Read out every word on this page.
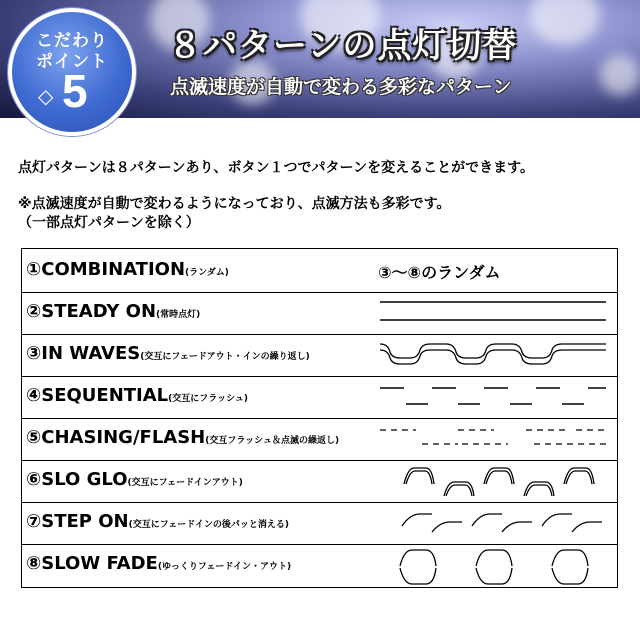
８パターンの点灯切替
点滅速度が自動で変わる多彩なパターン
こだわり
ポイント
◇ 5
点灯パターンは８パターンあり、ボタン１つでパターンを変えることができます。
※点滅速度が自動で変わるようになっており、点滅方法も多彩です。
（一部点灯パターンを除く）
①COMBINATION(ランダム)	③〜⑧のランダム
②STEADY ON(常時点灯)
③IN WAVES(交互にフェードアウト・インの繰り返し)
④SEQUENTIAL(交互にフラッシュ)
⑤CHASING/FLASH(交互フラッシュ＆点滅の繰返し)
⑥SLO GLO(交互にフェードインアウト)
⑦STEP ON(交互にフェードインの後パッと消える)
⑧SLOW FADE(ゆっくりフェードイン・アウト)
